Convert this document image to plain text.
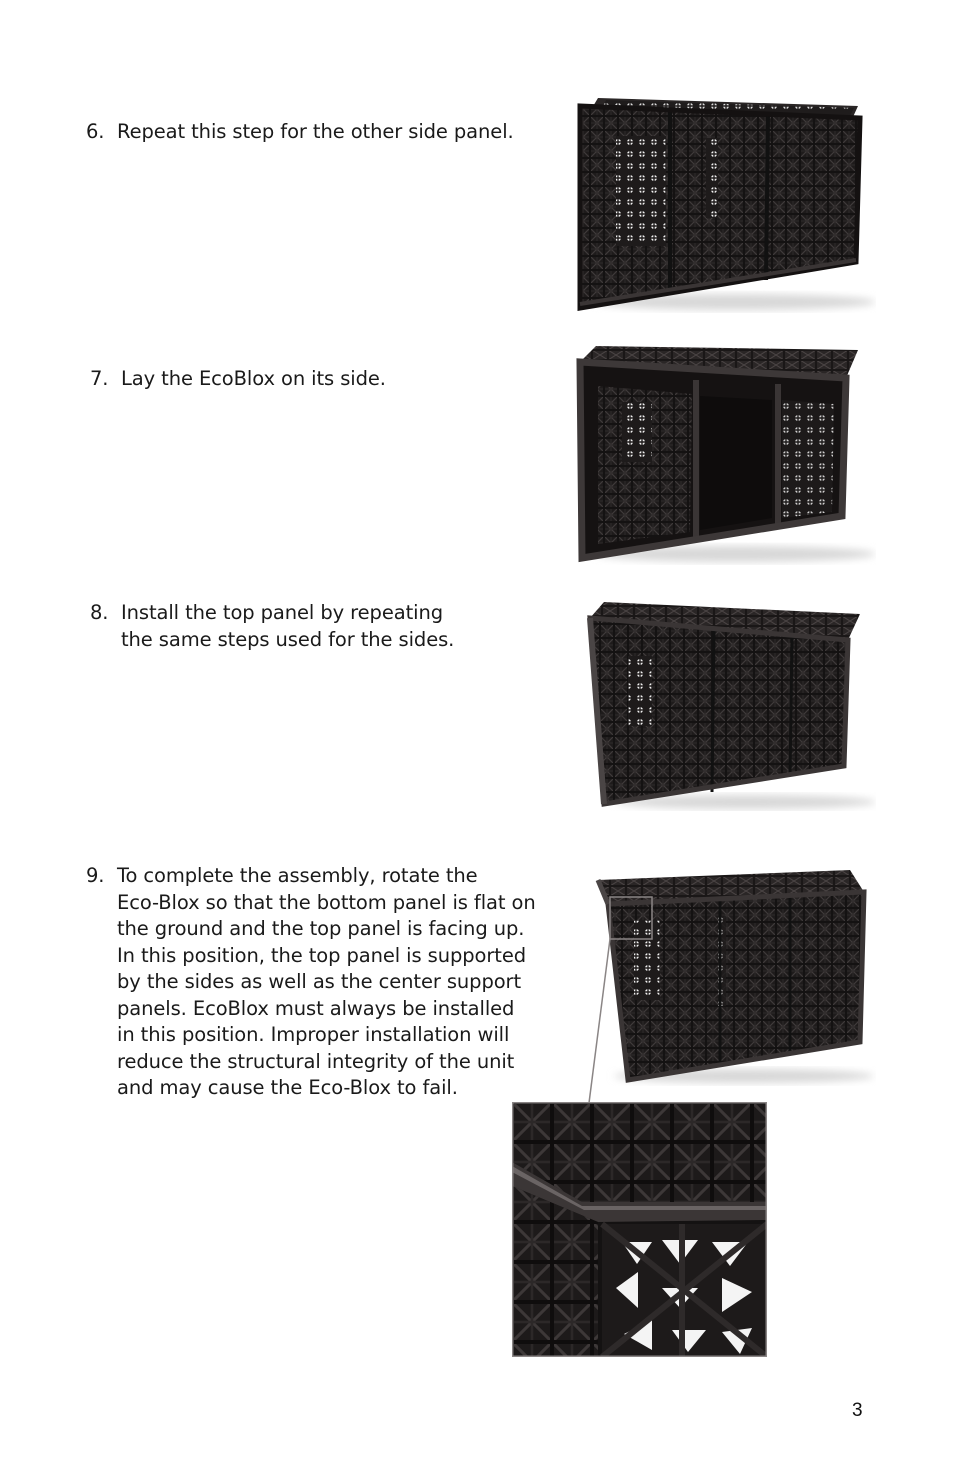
6. Repeat this step for the other side panel.
7. Lay the EcoBlox on its side.
8. Install the top panel by repeating
the same steps used for the sides.
9. To complete the assembly, rotate the
Eco-Blox so that the bottom panel is flat on
the ground and the top panel is facing up.
In this position, the top panel is supported
by the sides as well as the center support
panels. EcoBlox must always be installed
in this position. Improper installation will
reduce the structural integrity of the unit
and may cause the Eco-Blox to fail.
3
